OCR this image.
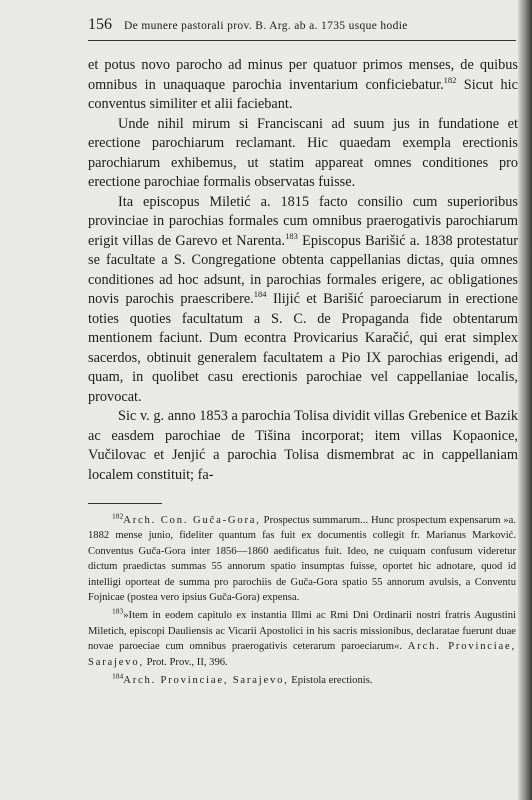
156 De munere pastorali prov. B. Arg. ab a. 1735 usque hodie

et potus novo parocho ad minus per quatuor primos menses, de quibus omnibus in unaquaque parochia inventarium conficiebatur.$^{182}$ Sicut hic conventus similiter et alii faciebant.

Unde nihil mirum si Franciscani ad suum jus in fundatione et erectione parochiarum reclamant. Hic quaedam exempla erectionis parochiarum exhibemus, ut statim appareat omnes conditiones pro erectione parochiae formalis observatas fuisse.

Ita episcopus Miletić a. 1815 facto consilio cum superioribus provinciae in parochias formales cum omnibus praerogativis parochiarum erigit villas de Garevo et Narenta.$^{183}$ Episcopus Barišić a. 1838 protestatur se facultate a S. Congregatione obtenta cappellanias dictas, quia omnes conditiones ad hoc adsunt, in parochias formales erigere, ac obligationes novis parochis praescribere.$^{184}$ Ilijić et Barišić paroeciarum in erectione toties quoties facultatum a S. C. de Propaganda fide obtentarum mentionem faciunt. Dum econtra Provicarius Karačić, qui erat simplex sacerdos, obtinuit generalem facultatem a Pio IX parochias erigendi, ad quam, in quolibet casu erectionis parochiae vel cappellaniae localis, provocat.

Sic v. g. anno 1853 a parochia Tolisa dividit villas Grebenice et Bazik ac easdem parochiae de Tišina incorporat; item villas Kopaonice, Vučilovac et Jenjić a parochia Tolisa dismembrat ac in cappellaniam localem constituit; fa-

$^{182}$Arch. Con. Guča-Gora, Prospectus summarum... Hunc prospectum expensarum »a. 1882 mense junio, fideliter quantum fas fuit ex documentis collegit fr. Marianus Marković. Conventus Guča-Gora inter 1856—1860 aedificatus fuit. Ideo, ne cuiquam confusum videretur dictum praedictas summas 55 annorum spatio insumptas fuisse, oportet hic adnotare, quod id intelligi oporteat de summa pro parochiis de Guča-Gora spatio 55 annorum avulsis, a Conventu Fojnicae (postea vero ipsius Guča-Gora) expensa.

$^{183}$»Item in eodem capitulo ex instantia Illmi ac Rmi Dni Ordinarii nostri fratris Augustini Miletich, episcopi Dauliensis ac Vicarii Apostolici in his sacris missionibus, declaratae fuerunt duae novae paroeciae cum omnibus praerogativis ceterarum paroeciarum«. Arch. Provinciae, Sarajevo, Prot. Prov., II, 396.

$^{184}$Arch. Provinciae, Sarajevo, Epistola erectionis.
